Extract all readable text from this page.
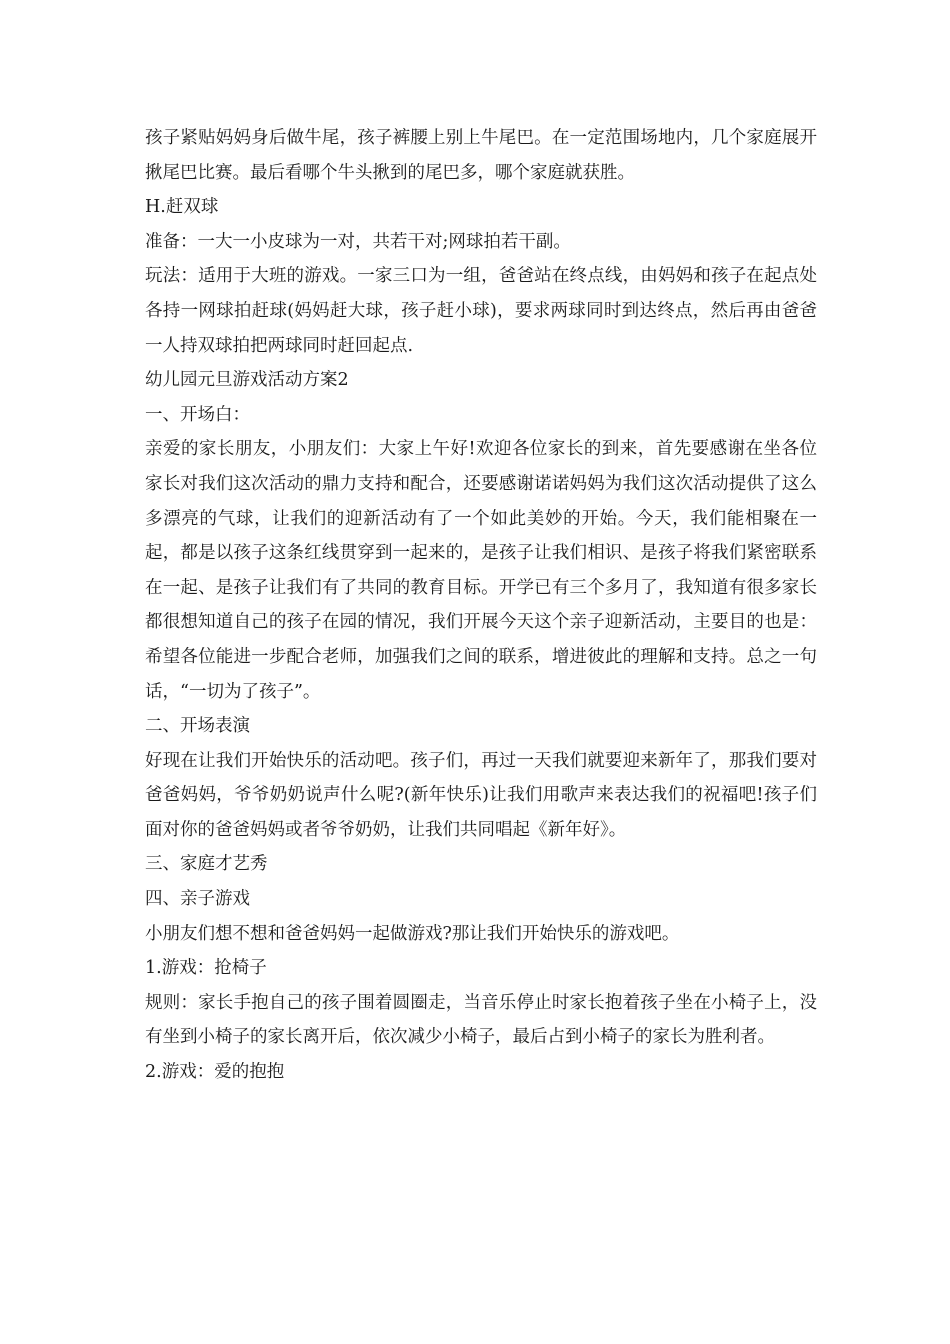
孩子紧贴妈妈身后做牛尾，孩子裤腰上别上牛尾巴。在一定范围场地内，几个家庭展开揪尾巴比赛。最后看哪个牛头揪到的尾巴多，哪个家庭就获胜。

H.赶双球

准备：一大一小皮球为一对，共若干对;网球拍若干副。

玩法：适用于大班的游戏。一家三口为一组，爸爸站在终点线，由妈妈和孩子在起点处各持一网球拍赶球(妈妈赶大球，孩子赶小球)，要求两球同时到达终点，然后再由爸爸一人持双球拍把两球同时赶回起点.

幼儿园元旦游戏活动方案2

一、开场白：

亲爱的家长朋友，小朋友们：大家上午好!欢迎各位家长的到来，首先要感谢在坐各位家长对我们这次活动的鼎力支持和配合，还要感谢诺诺妈妈为我们这次活动提供了这么多漂亮的气球，让我们的迎新活动有了一个如此美妙的开始。今天，我们能相聚在一起，都是以孩子这条红线贯穿到一起来的，是孩子让我们相识、是孩子将我们紧密联系在一起、是孩子让我们有了共同的教育目标。开学已有三个多月了，我知道有很多家长都很想知道自己的孩子在园的情况，我们开展今天这个亲子迎新活动，主要目的也是：希望各位能进一步配合老师，加强我们之间的联系，增进彼此的理解和支持。总之一句话，“一切为了孩子”。

二、开场表演

好现在让我们开始快乐的活动吧。孩子们，再过一天我们就要迎来新年了，那我们要对爸爸妈妈，爷爷奶奶说声什么呢?(新年快乐)让我们用歌声来表达我们的祝福吧!孩子们面对你的爸爸妈妈或者爷爷奶奶，让我们共同唱起《新年好》。

三、家庭才艺秀

四、亲子游戏

小朋友们想不想和爸爸妈妈一起做游戏?那让我们开始快乐的游戏吧。

1.游戏：抢椅子

规则：家长手抱自己的孩子围着圆圈走，当音乐停止时家长抱着孩子坐在小椅子上，没有坐到小椅子的家长离开后，依次减少小椅子，最后占到小椅子的家长为胜利者。

2.游戏：爱的抱抱
